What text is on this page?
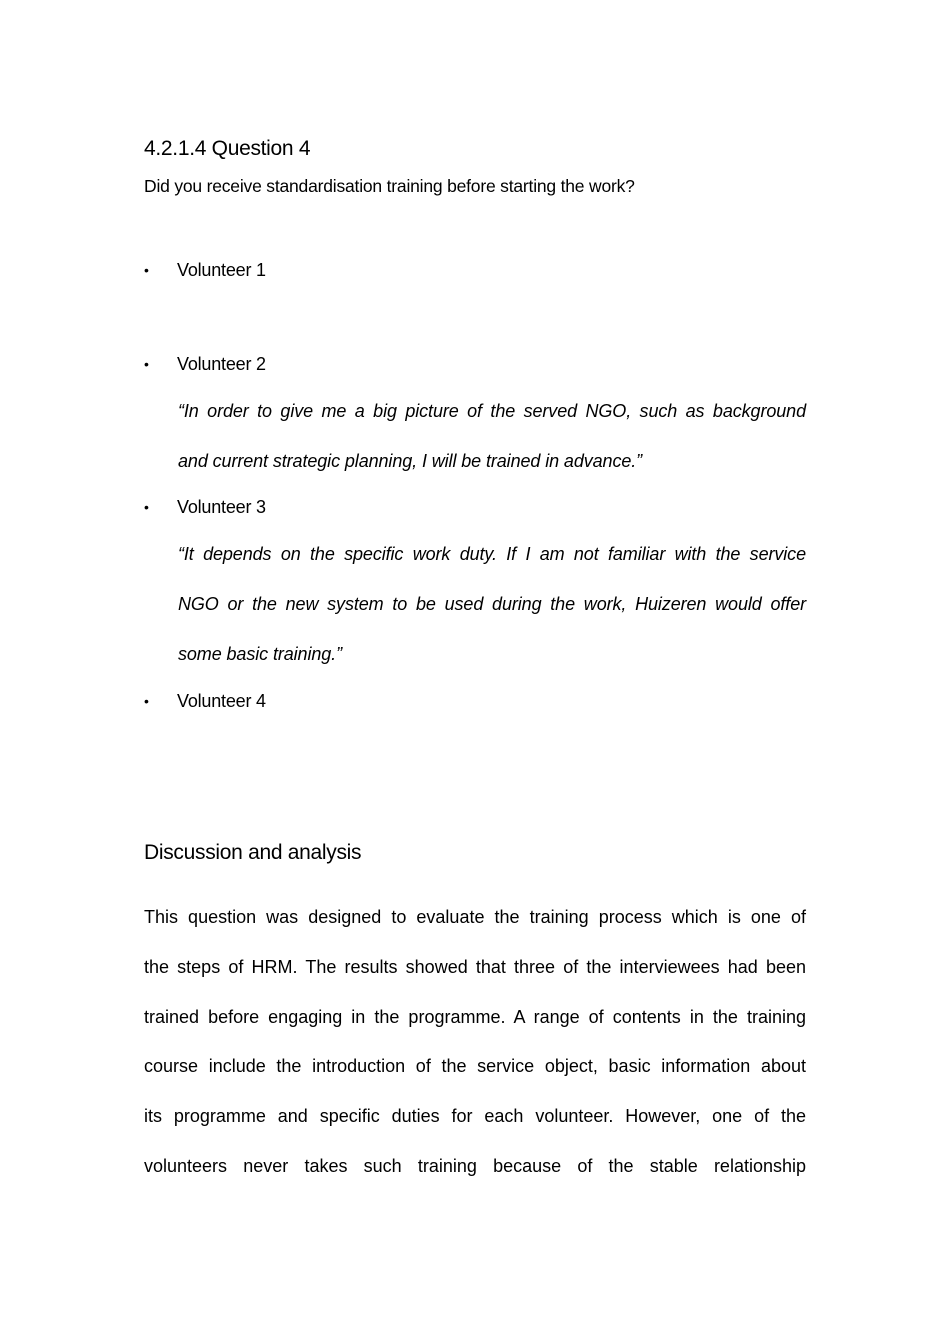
4.2.1.4 Question 4
Did you receive standardisation training before starting the work?
• Volunteer 1
• Volunteer 2
“In order to give me a big picture of the served NGO, such as background
and current strategic planning, I will be trained in advance.”
• Volunteer 3
“It depends on the specific work duty. If I am not familiar with the service
NGO or the new system to be used during the work, Huizeren would offer
some basic training.”
• Volunteer 4
Discussion and analysis
This question was designed to evaluate the training process which is one of
the steps of HRM. The results showed that three of the interviewees had been
trained before engaging in the programme. A range of contents in the training
course include the introduction of the service object, basic information about
its programme and specific duties for each volunteer. However, one of the
volunteers never takes such training because of the stable relationship
